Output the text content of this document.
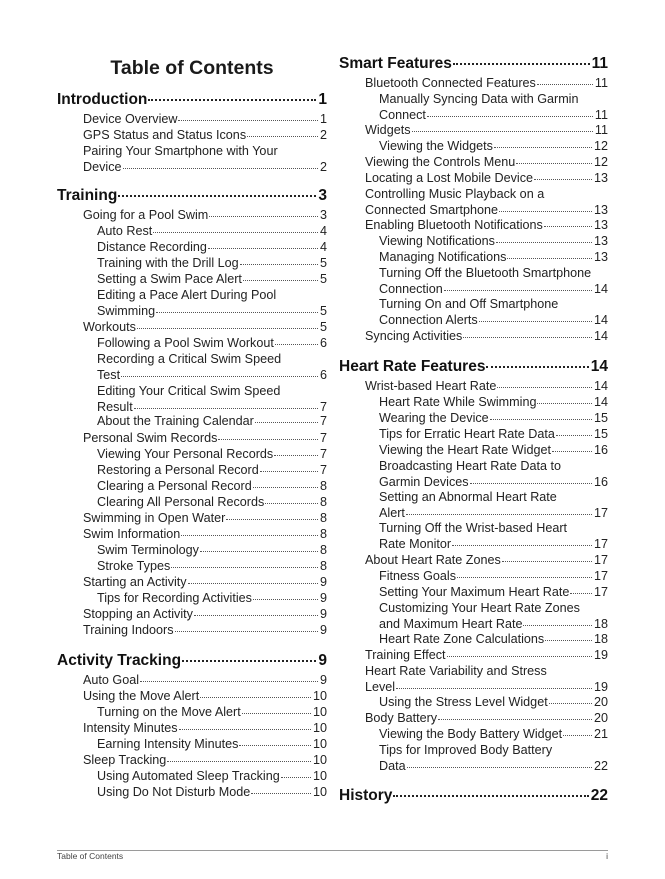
Table of Contents
Introduction	1
Device Overview	1
GPS Status and Status Icons	2
Pairing Your Smartphone with Your
Device	2
Training	3
Going for a Pool Swim	3
Auto Rest	4
Distance Recording	4
Training with the Drill Log	5
Setting a Swim Pace Alert	5
Editing a Pace Alert During Pool
Swimming	5
Workouts	5
Following a Pool Swim Workout	6
Recording a Critical Swim Speed
Test	6
Editing Your Critical Swim Speed
Result	7
About the Training Calendar	7
Personal Swim Records	7
Viewing Your Personal Records	7
Restoring a Personal Record	7
Clearing a Personal Record	8
Clearing All Personal Records	8
Swimming in Open Water	8
Swim Information	8
Swim Terminology	8
Stroke Types	8
Starting an Activity	9
Tips for Recording Activities	9
Stopping an Activity	9
Training Indoors	9
Activity Tracking	9
Auto Goal	9
Using the Move Alert	10
Turning on the Move Alert	10
Intensity Minutes	10
Earning Intensity Minutes	10
Sleep Tracking	10
Using Automated Sleep Tracking	10
Using Do Not Disturb Mode	10
Smart Features	11
Bluetooth Connected Features	11
Manually Syncing Data with Garmin
Connect	11
Widgets	11
Viewing the Widgets	12
Viewing the Controls Menu	12
Locating a Lost Mobile Device	13
Controlling Music Playback on a
Connected Smartphone	13
Enabling Bluetooth Notifications	13
Viewing Notifications	13
Managing Notifications	13
Turning Off the Bluetooth Smartphone
Connection	14
Turning On and Off Smartphone
Connection Alerts	14
Syncing Activities	14
Heart Rate Features	14
Wrist-based Heart Rate	14
Heart Rate While Swimming	14
Wearing the Device	15
Tips for Erratic Heart Rate Data	15
Viewing the Heart Rate Widget	16
Broadcasting Heart Rate Data to
Garmin Devices	16
Setting an Abnormal Heart Rate
Alert	17
Turning Off the Wrist-based Heart
Rate Monitor	17
About Heart Rate Zones	17
Fitness Goals	17
Setting Your Maximum Heart Rate 17
Customizing Your Heart Rate Zones
and Maximum Heart Rate	18
Heart Rate Zone Calculations	18
Training Effect	19
Heart Rate Variability and Stress
Level	19
Using the Stress Level Widget	20
Body Battery	20
Viewing the Body Battery Widget	21
Tips for Improved Body Battery
Data	22
History	22
Table of Contents	i
